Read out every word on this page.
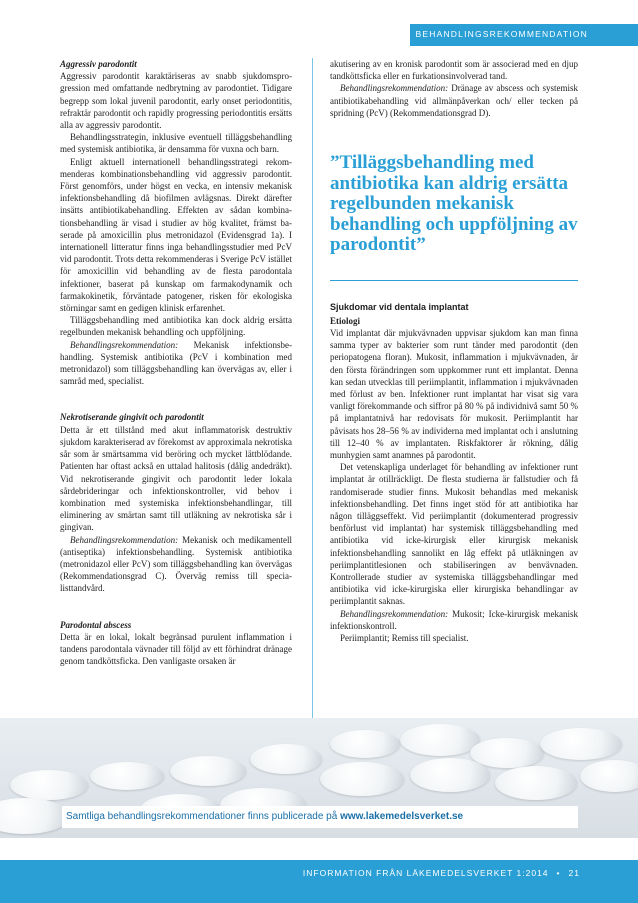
BEHANDLINGSREKOMMENDATION

Aggressiv parodontit

Aggressiv parodontit karaktäriseras av snabb sjukdomsprogression med omfattande nedbrytning av parodontiet. Tidigare begrepp som lokal juvenil parodontit, early onset periodontitis, refraktär parodontit och rapidly progressing periodontitis ersätts alla av aggressiv parodontit.

Behandlingsstrategin, inklusive eventuell tilläggsbehandling med systemisk antibiotika, är densamma för vuxna och barn.

Enligt aktuell internationell behandlingsstrategi rekommenderas kombinationsbehandling vid aggressiv parodontit. Först genomförs, under högst en vecka, en intensiv mekanisk infektionsbehandling då biofilmen avlägsnas. Direkt därefter insätts antibiotikabehandling. Effekten av sådan kombinationsbehandling är visad i studier av hög kvalitet, främst baserade på amoxicillin plus metronidazol (Evidensgrad 1a). I internationell litteratur finns inga behandlingsstudier med PcV vid parodontit. Trots detta rekommenderas i Sverige PcV istället för amoxicillin vid behandling av de flesta parodontala infektioner, baserat på kunskap om farmakodynamik och farmakokinetik, förväntade patogener, risken för ekologiska störningar samt en gedigen klinisk erfarenhet.

Tilläggsbehandling med antibiotika kan dock aldrig ersätta regelbunden mekanisk behandling och uppföljning.

Behandlingsrekommendation: Mekanisk infektionsbehandling. Systemisk antibiotika (PcV i kombination med metronidazol) som tilläggsbehandling kan övervägas av, eller i samråd med, specialist.

Nekrotiserande gingivit och parodontit

Detta är ett tillstånd med akut inflammatorisk destruktiv sjukdom karakteriserad av förekomst av approximala nekrotiska sår som är smärtsamma vid beröring och mycket lättblödande. Patienten har oftast ackså en uttalad halitosis (dålig andedräkt). Vid nekrotiserande gingivit och parodontit leder lokala sårdebrideringar och infektionskontroller, vid behov i kombination med systemiska infektionsbehandlingar, till eliminering av smärtan samt till utläkning av nekrotiska sår i gingivan.

Behandlingsrekommendation: Mekanisk och medikamentell (antiseptika) infektionsbehandling. Systemisk antibiotika (metronidazol eller PcV) som tilläggsbehandling kan övervägas (Rekommendationsgrad C). Överväg remiss till specialisttandvård.

Parodontal abscess

Detta är en lokal, lokalt begränsad purulent inflammation i tandens parodontala vävnader till följd av ett förhindrat dränage genom tandköttsficka. Den vanligaste orsaken är

akutisering av en kronisk parodontit som är associerad med en djup tandköttsficka eller en furkationsinvolverad tand.

Behandlingsrekommendation: Dränage av abscess och systemisk antibiotikabehandling vid allmänpåverkan och/ eller tecken på spridning (PcV) (Rekommendationsgrad D).

”Tilläggsbehandling med antibiotika kan aldrig ersätta regelbunden mekanisk behandling och uppföljning av parodontit”

Sjukdomar vid dentala implantat

Etiologi

Vid implantat där mjukvävnaden uppvisar sjukdom kan man finna samma typer av bakterier som runt tänder med parodontit (den periopatogena floran). Mukosit, inflammation i mjukvävnaden, är den första förändringen som uppkommer runt ett implantat. Denna kan sedan utvecklas till periimplantit, inflammation i mjukvävnaden med förlust av ben. Infektioner runt implantat har visat sig vara vanligt förekommande och siffror på 80 % på individnivå samt 50 % på implantatnivå har redovisats för mukosit. Periimplantit har påvisats hos 28–56 % av individerna med implantat och i anslutning till 12–40 % av implantaten. Riskfaktorer är rökning, dålig munhygien samt anamnes på parodontit.

Det vetenskapliga underlaget för behandling av infektioner runt implantat är otillräckligt. De flesta studierna är fallstudier och få randomiserade studier finns. Mukosit behandlas med mekanisk infektionsbehandling. Det finns inget stöd för att antibiotika har någon tilläggseffekt. Vid periimplantit (dokumenterad progressiv benförlust vid implantat) har systemisk tilläggsbehandling med antibiotika vid icke-kirurgisk eller kirurgisk mekanisk infektionsbehandling sannolikt en låg effekt på utläkningen av periimplantitlesionen och stabiliseringen av benvävnaden. Kontrollerade studier av systemiska tilläggsbehandlingar med antibiotika vid icke-kirurgiska eller kirurgiska behandlingar av periimplantit saknas.

Behandlingsrekommendation: Mukosit; Icke-kirurgisk mekanisk infektionskontroll.

Periimplantit; Remiss till specialist.

Samtliga behandlingsrekommendationer finns publicerade på www.lakemedelsverket.se
INFORMATION FRÅN LÄKEMEDELSVERKET 1:2014 • 21
